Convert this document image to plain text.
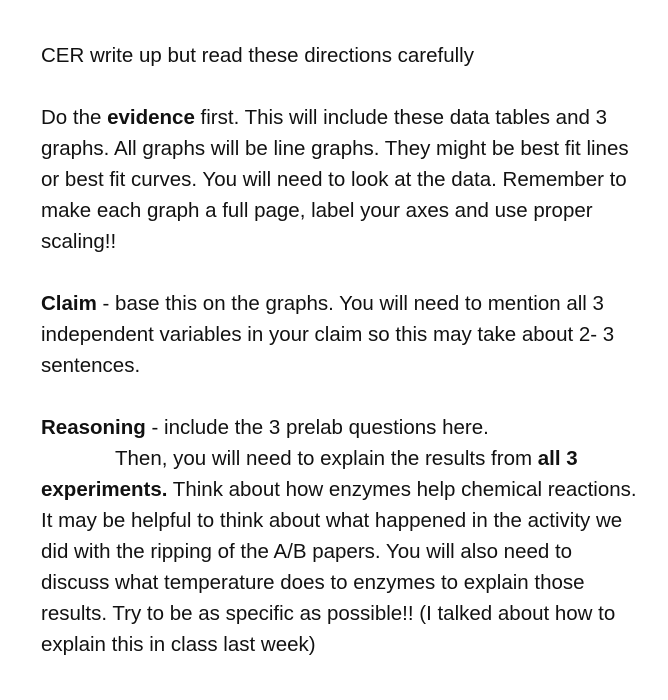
CER write up but read these directions carefully

Do the evidence first. This will include these data tables and 3 graphs. All graphs will be line graphs. They might be best fit lines or best fit curves. You will need to look at the data. Remember to make each graph a full page, label your axes and use proper scaling!!

Claim - base this on the graphs. You will need to mention all 3 independent variables in your claim so this may take about 2- 3 sentences.

Reasoning - include the 3 prelab questions here.
Then, you will need to explain the results from all 3 experiments. Think about how enzymes help chemical reactions. It may be helpful to think about what happened in the activity we did with the ripping of the A/B papers. You will also need to discuss what temperature does to enzymes to explain those results. Try to be as specific as possible!! (I talked about how to explain this in class last week)
